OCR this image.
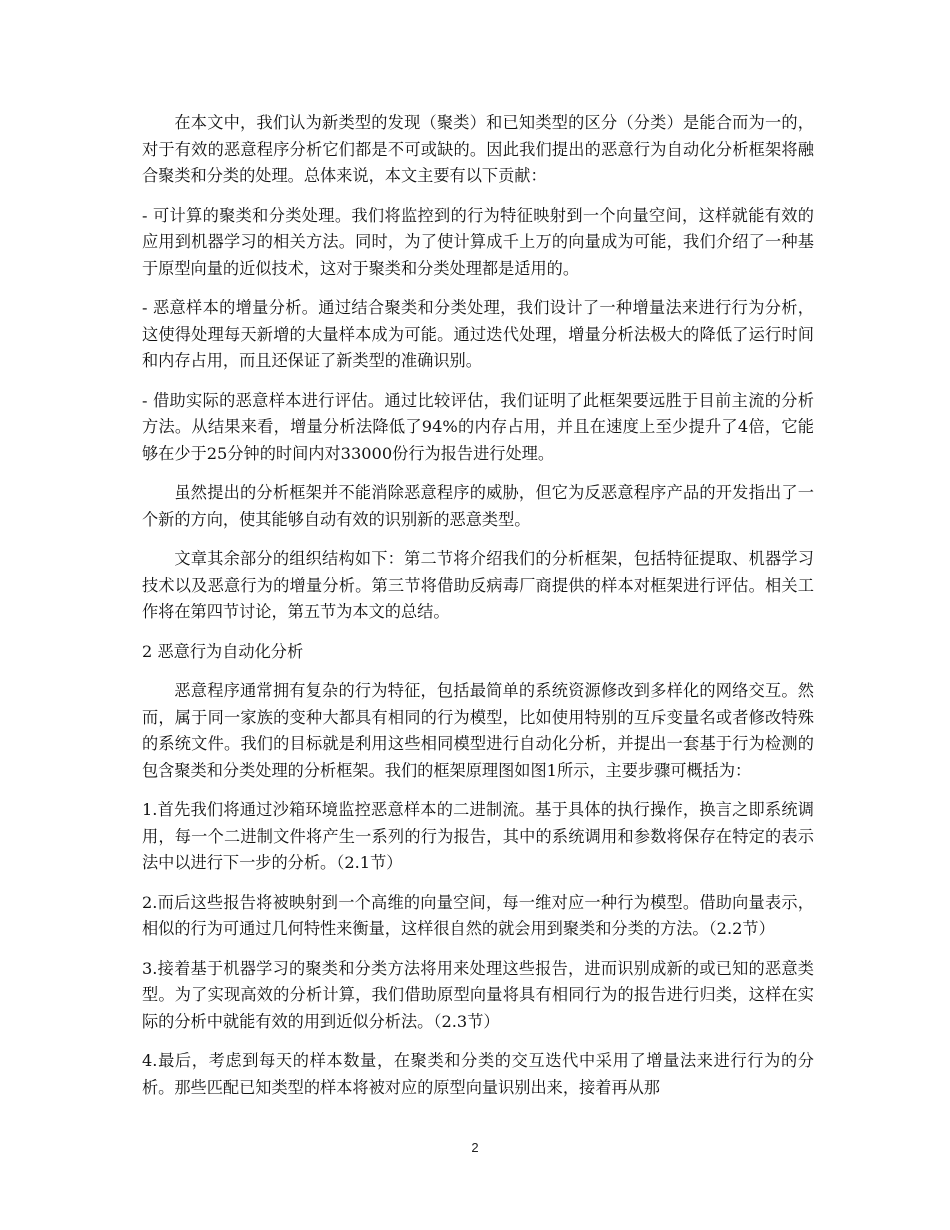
在本文中，我们认为新类型的发现（聚类）和已知类型的区分（分类）是能合而为一的，对于有效的恶意程序分析它们都是不可或缺的。因此我们提出的恶意行为自动化分析框架将融合聚类和分类的处理。总体来说，本文主要有以下贡献：

- 可计算的聚类和分类处理。我们将监控到的行为特征映射到一个向量空间，这样就能有效的应用到机器学习的相关方法。同时，为了使计算成千上万的向量成为可能，我们介绍了一种基于原型向量的近似技术，这对于聚类和分类处理都是适用的。

- 恶意样本的增量分析。通过结合聚类和分类处理，我们设计了一种增量法来进行行为分析，这使得处理每天新增的大量样本成为可能。通过迭代处理，增量分析法极大的降低了运行时间和内存占用，而且还保证了新类型的准确识别。

- 借助实际的恶意样本进行评估。通过比较评估，我们证明了此框架要远胜于目前主流的分析方法。从结果来看，增量分析法降低了94%的内存占用，并且在速度上至少提升了4倍，它能够在少于25分钟的时间内对33000份行为报告进行处理。

虽然提出的分析框架并不能消除恶意程序的威胁，但它为反恶意程序产品的开发指出了一个新的方向，使其能够自动有效的识别新的恶意类型。

文章其余部分的组织结构如下：第二节将介绍我们的分析框架，包括特征提取、机器学习技术以及恶意行为的增量分析。第三节将借助反病毒厂商提供的样本对框架进行评估。相关工作将在第四节讨论，第五节为本文的总结。

2 恶意行为自动化分析

恶意程序通常拥有复杂的行为特征，包括最简单的系统资源修改到多样化的网络交互。然而，属于同一家族的变种大都具有相同的行为模型，比如使用特别的互斥变量名或者修改特殊的系统文件。我们的目标就是利用这些相同模型进行自动化分析，并提出一套基于行为检测的包含聚类和分类处理的分析框架。我们的框架原理图如图1所示，主要步骤可概括为：

1.首先我们将通过沙箱环境监控恶意样本的二进制流。基于具体的执行操作，换言之即系统调用，每一个二进制文件将产生一系列的行为报告，其中的系统调用和参数将保存在特定的表示法中以进行下一步的分析。（2.1节）

2.而后这些报告将被映射到一个高维的向量空间，每一维对应一种行为模型。借助向量表示，相似的行为可通过几何特性来衡量，这样很自然的就会用到聚类和分类的方法。（2.2节）

3.接着基于机器学习的聚类和分类方法将用来处理这些报告，进而识别成新的或已知的恶意类型。为了实现高效的分析计算，我们借助原型向量将具有相同行为的报告进行归类，这样在实际的分析中就能有效的用到近似分析法。（2.3节）

4.最后，考虑到每天的样本数量，在聚类和分类的交互迭代中采用了增量法来进行行为的分析。那些匹配已知类型的样本将被对应的原型向量识别出来，接着再从那

2
